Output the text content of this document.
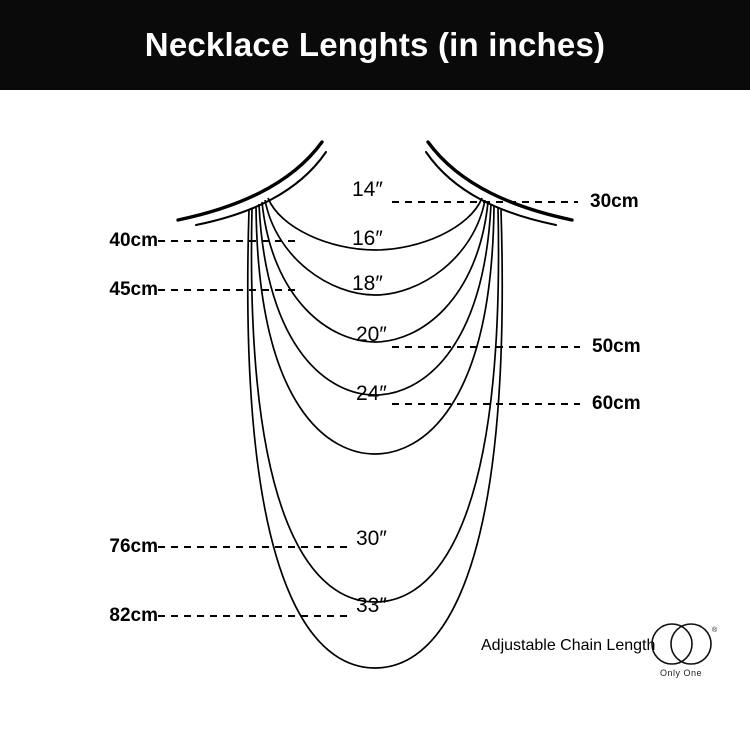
Necklace Lenghts (in inches)
14″
16″
18″
20″
24″
30″
33″
30cm
40cm
45cm
50cm
60cm
76cm
82cm
Adjustable Chain Length
®
Only One
